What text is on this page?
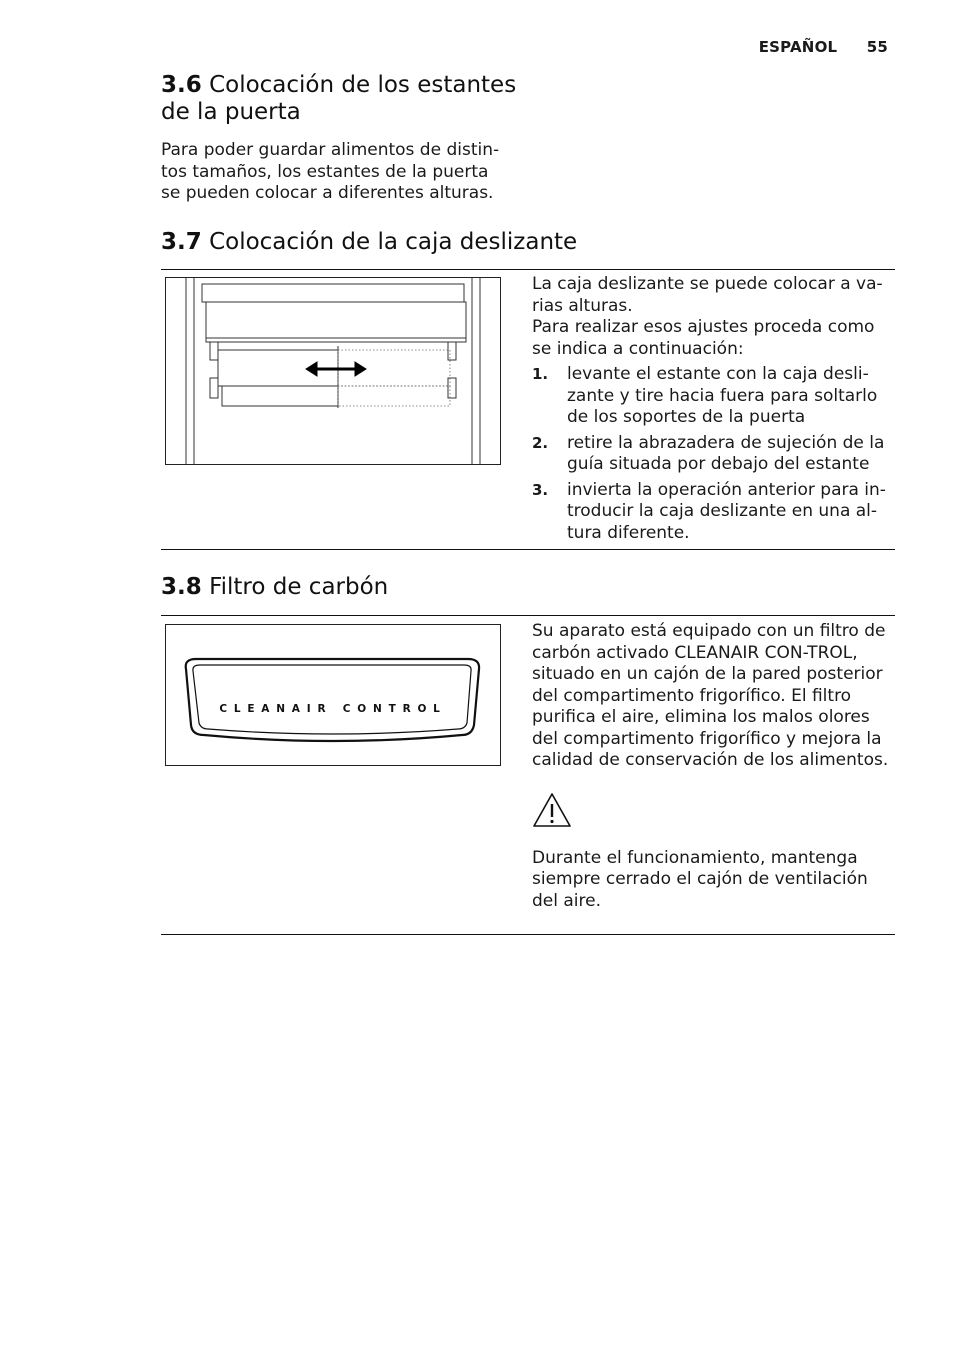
ESPAÑOL 55
3.6 Colocación de los estantes de la puerta

Para poder guardar alimentos de distin-tos tamaños, los estantes de la puerta se pueden colocar a diferentes alturas.

3.7 Colocación de la caja deslizante

La caja deslizante se puede colocar a va-rias alturas.

Para realizar esos ajustes proceda como se indica a continuación:

1.	levante el estante con la caja desli-zante y tire hacia fuera para soltarlo de los soportes de la puerta
2.	retire la abrazadera de sujeción de la guía situada por debajo del estante
3.	invierta la operación anterior para in-troducir la caja deslizante en una al-tura diferente.
3.8 Filtro de carbón
CLEANAIR CONTROL

Su aparato está equipado con un filtro de carbón activado CLEANAIR CON-TROL, situado en un cajón de la pared posterior del compartimento frigorífico. El filtro purifica el aire, elimina los malos olores del compartimento frigorífico y mejora la calidad de conservación de los alimentos.

Durante el funcionamiento, mantenga siempre cerrado el cajón de ventilación del aire.
